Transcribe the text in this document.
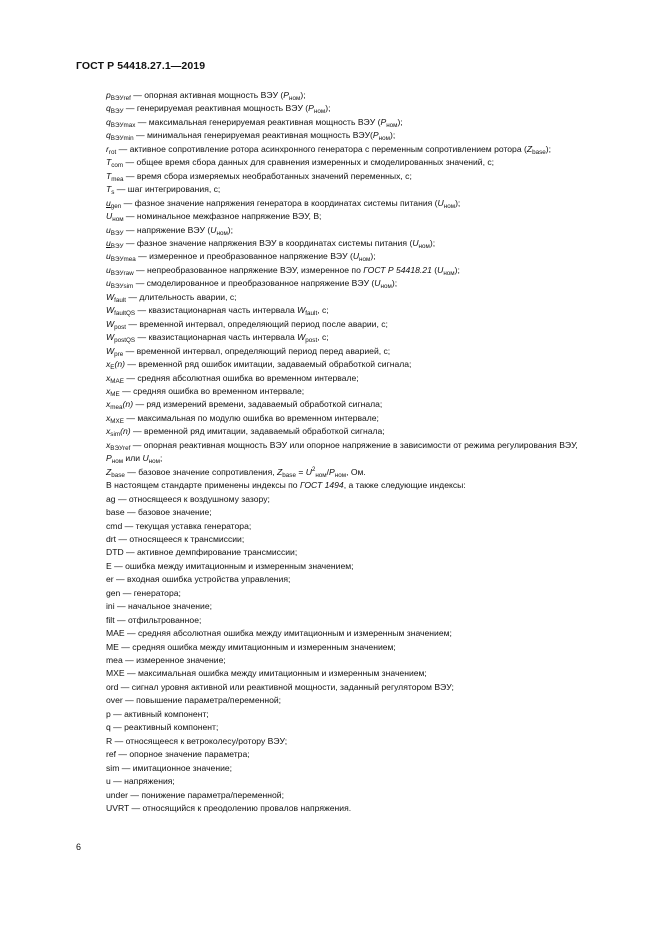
ГОСТ Р 54418.27.1—2019
$p_{ВЭУref}$ — опорная активная мощность ВЭУ $(P_{ном})$;
$q_{ВЭУ}$ — генерируемая реактивная мощность ВЭУ $(P_{ном})$;
$q_{ВЭУmax}$ — максимальная генерируемая реактивная мощность ВЭУ $(P_{ном})$;
$q_{ВЭУmin}$ — минимальная генерируемая реактивная мощность $ВЭУ(P_{ном})$;
$r_{rot}$ — активное сопротивление ротора асинхронного генератора с переменным сопротивлением ротора $(Z_{base})$;
$T_{com}$ — общее время сбора данных для сравнения измеренных и смоделированных значений, с;
$T_{mea}$ — время сбора измеряемых необработанных значений переменных, с;
$T_s$ — шаг интегрирования, с;
$u_{gen}$ — фазное значение напряжения генератора в координатах системы питания $(U_{ном})$;
$U_{ном}$ — номинальное межфазное напряжение ВЭУ, В;
$u_{ВЭУ}$ — напряжение ВЭУ $(U_{ном})$;
$u_{ВЭУ}$ — фазное значение напряжения ВЭУ в координатах системы питания $(U_{ном})$;
$u_{ВЭУmea}$ — измеренное и преобразованное напряжение ВЭУ $(U_{ном})$;
$u_{ВЭУraw}$ — непреобразованное напряжение ВЭУ, измеренное по ГОСТ Р 54418.21 $(U_{ном})$;
$u_{ВЭУsim}$ — смоделированное и преобразованное напряжение ВЭУ $(U_{ном})$;
$W_{fault}$ — длительность аварии, с;
$W_{faultQS}$ — квазистационарная часть интервала $W_{fault}$, с;
$W_{post}$ — временной интервал, определяющий период после аварии, с;
$W_{postQS}$ — квазистационарная часть интервала $W_{post}$, с;
$W_{pre}$ — временной интервал, определяющий период перед аварией, с;
$x_E(n)$ — временной ряд ошибок имитации, задаваемый обработкой сигнала;
$x_{MAE}$ — средняя абсолютная ошибка во временном интервале;
$x_{ME}$ — средняя ошибка во временном интервале;
$x_{mea}(n)$ — ряд измерений времени, задаваемый обработкой сигнала;
$x_{MXE}$ — максимальная по модулю ошибка во временном интервале;
$x_{sim}(n)$ — временной ряд имитации, задаваемый обработкой сигнала;
$x_{ВЭУref}$ — опорная реактивная мощность ВЭУ или опорное напряжение в зависимости от режима регулирования ВЭУ, $P_{ном}$ или $U_{ном}$;
$Z_{base}$ — базовое значение сопротивления, $Z_{base} = U^2_{ном}/P_{ном}$, Ом.
В настоящем стандарте применены индексы по ГОСТ 1494, а также следующие индексы:
ag — относящееся к воздушному зазору;
base — базовое значение;
cmd — текущая уставка генератора;
drt — относящееся к трансмиссии;
DTD — активное демпфирование трансмиссии;
E — ошибка между имитационным и измеренным значением;
er — входная ошибка устройства управления;
gen — генератора;
ini — начальное значение;
filt — отфильтрованное;
MAE — средняя абсолютная ошибка между имитационным и измеренным значением;
ME — средняя ошибка между имитационным и измеренным значением;
mea — измеренное значение;
MXE — максимальная ошибка между имитационным и измеренным значением;
ord — сигнал уровня активной или реактивной мощности, заданный регулятором ВЭУ;
over — повышение параметра/переменной;
p — активный компонент;
q — реактивный компонент;
R — относящееся к ветроколесу/ротору ВЭУ;
ref — опорное значение параметра;
sim — имитационное значение;
u — напряжения;
under — понижение параметра/переменной;
UVRT — относящийся к преодолению провалов напряжения.
6
